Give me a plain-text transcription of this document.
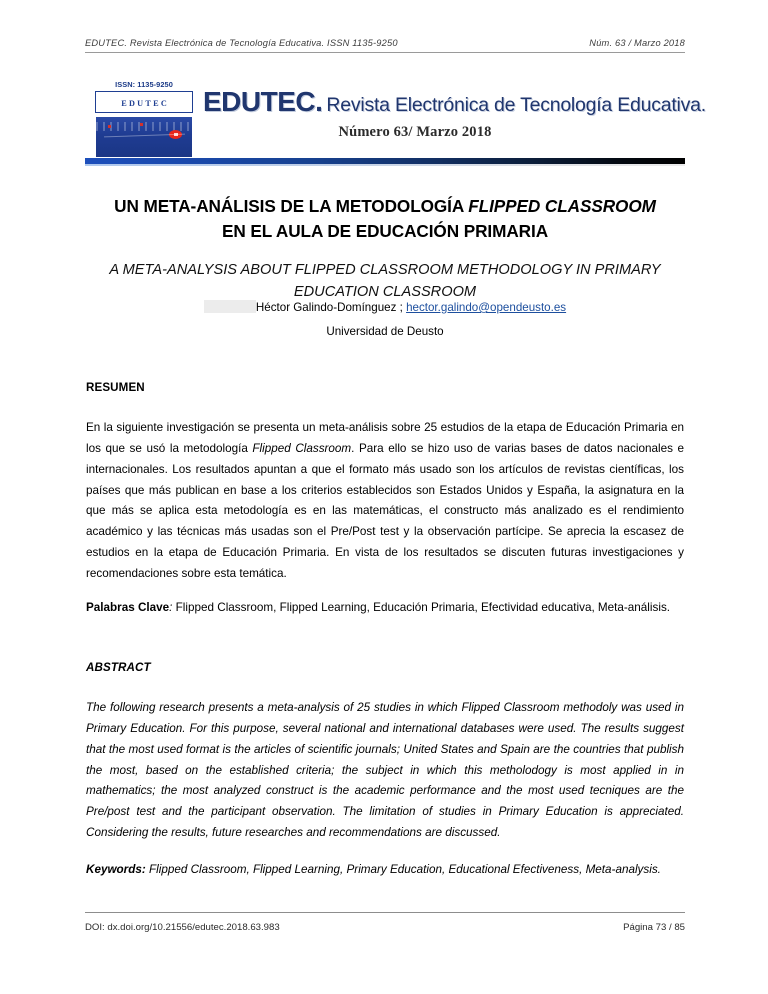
EDUTEC. Revista Electrónica de Tecnología Educativa. ISSN 1135-9250	Núm. 63 / Marzo 2018
ISSN: 1135-9250
EDUTEC	EDUTEC. Revista Electrónica de Tecnología Educativa.
Número 63/ Marzo 2018
UN META-ANÁLISIS DE LA METODOLOGÍA FLIPPED CLASSROOM EN EL AULA DE EDUCACIÓN PRIMARIA
A META-ANALYSIS ABOUT FLIPPED CLASSROOM METHODOLOGY IN PRIMARY EDUCATION CLASSROOM
Héctor Galindo-Domínguez ; hector.galindo@opendeusto.es
Universidad de Deusto
RESUMEN

En la siguiente investigación se presenta un meta-análisis sobre 25 estudios de la etapa de Educación Primaria en los que se usó la metodología Flipped Classroom. Para ello se hizo uso de varias bases de datos nacionales e internacionales. Los resultados apuntan a que el formato más usado son los artículos de revistas científicas, los países que más publican en base a los criterios establecidos son Estados Unidos y España, la asignatura en la que más se aplica esta metodología es en las matemáticas, el constructo más analizado es el rendimiento académico y las técnicas más usadas son el Pre/Post test y la observación partícipe. Se aprecia la escasez de estudios en la etapa de Educación Primaria. En vista de los resultados se discuten futuras investigaciones y recomendaciones sobre esta temática.

Palabras Clave: Flipped Classroom, Flipped Learning, Educación Primaria, Efectividad educativa, Meta-análisis.

ABSTRACT

The following research presents a meta-analysis of 25 studies in which Flipped Classroom methodoly was used in Primary Education. For this purpose, several national and international databases were used. The results suggest that the most used format is the articles of scientific journals; United States and Spain are the countries that publish the most, based on the established criteria; the subject in which this metholodogy is most applied in in mathematics; the most analyzed construct is the academic performance and the most used tecniques are the Pre/post test and the participant observation. The limitation of studies in Primary Education is appreciated. Considering the results, future researches and recommendations are discussed.

Keywords: Flipped Classroom, Flipped Learning, Primary Education, Educational Efectiveness, Meta-analysis.

DOI: dx.doi.org/10.21556/edutec.2018.63.983	Página 73 / 85
